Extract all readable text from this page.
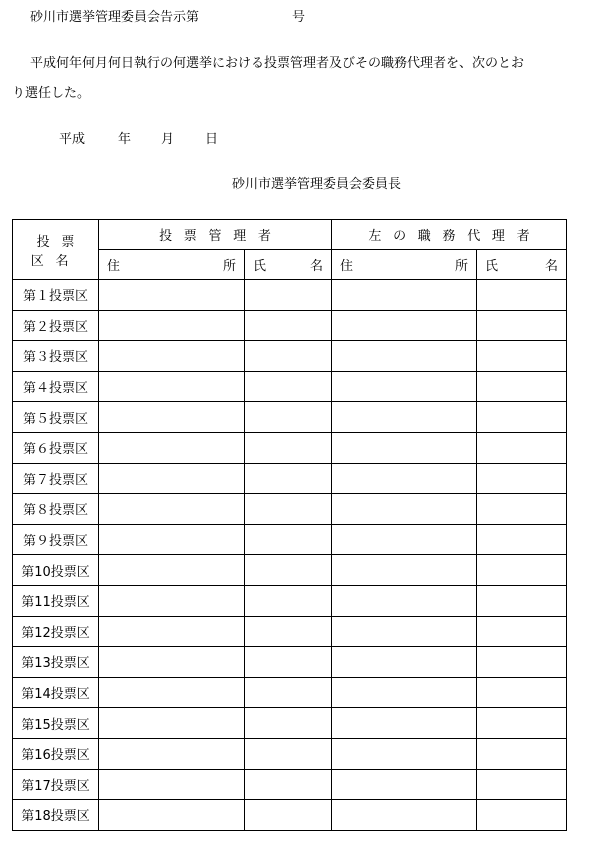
砂川市選挙管理委員会告示第	号
平成何年何月何日執行の何選挙における投票管理者及びその職務代理者を、次のとお
り選任した。
平成	年 月 日
砂川市選挙管理委員会委員長
投票区名	投票管理者		左の職務代理者	

	住 所	氏 名	住 所	氏 名

第１投票区				
第２投票区				
第３投票区				
第４投票区				
第５投票区				
第６投票区				
第７投票区				
第８投票区				
第９投票区				
第10投票区				
第11投票区				
第12投票区				
第13投票区				
第14投票区				
第15投票区				
第16投票区				
第17投票区				
第18投票区				
